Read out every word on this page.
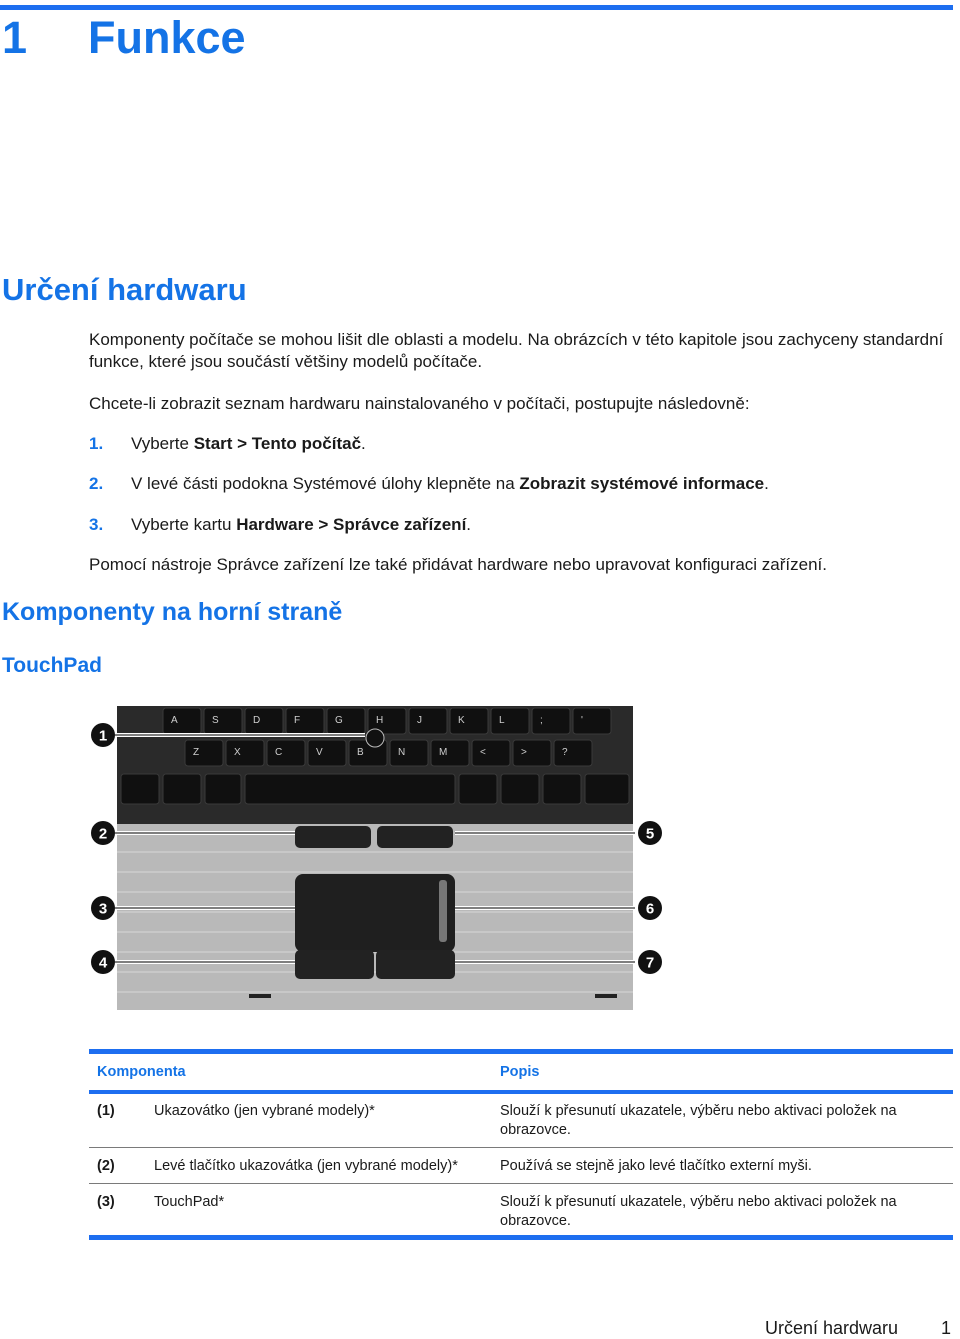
1 Funkce
Určení hardwaru
Komponenty počítače se mohou lišit dle oblasti a modelu. Na obrázcích v této kapitole jsou zachyceny standardní funkce, které jsou součástí většiny modelů počítače.
Chcete-li zobrazit seznam hardwaru nainstalovaného v počítači, postupujte následovně:
1. Vyberte Start > Tento počítač.
2. V levé části podokna Systémové úlohy klepněte na Zobrazit systémové informace.
3. Vyberte kartu Hardware > Správce zařízení.
Pomocí nástroje Správce zařízení lze také přidávat hardware nebo upravovat konfiguraci zařízení.
Komponenty na horní straně
TouchPad
A	S	D	F	G	H	J	K	L	;	'
Z	X	C	V	B	N	M	<	>	?
1
2
3
4
5
6
7
Komponenta	Popis
(1)	Ukazovátko (jen vybrané modely)*	Slouží k přesunutí ukazatele, výběru nebo aktivaci položek na obrazovce.
(2)	Levé tlačítko ukazovátka (jen vybrané modely)*	Používá se stejně jako levé tlačítko externí myši.
(3)	TouchPad*	Slouží k přesunutí ukazatele, výběru nebo aktivaci položek na obrazovce.
Určení hardwaru 1
